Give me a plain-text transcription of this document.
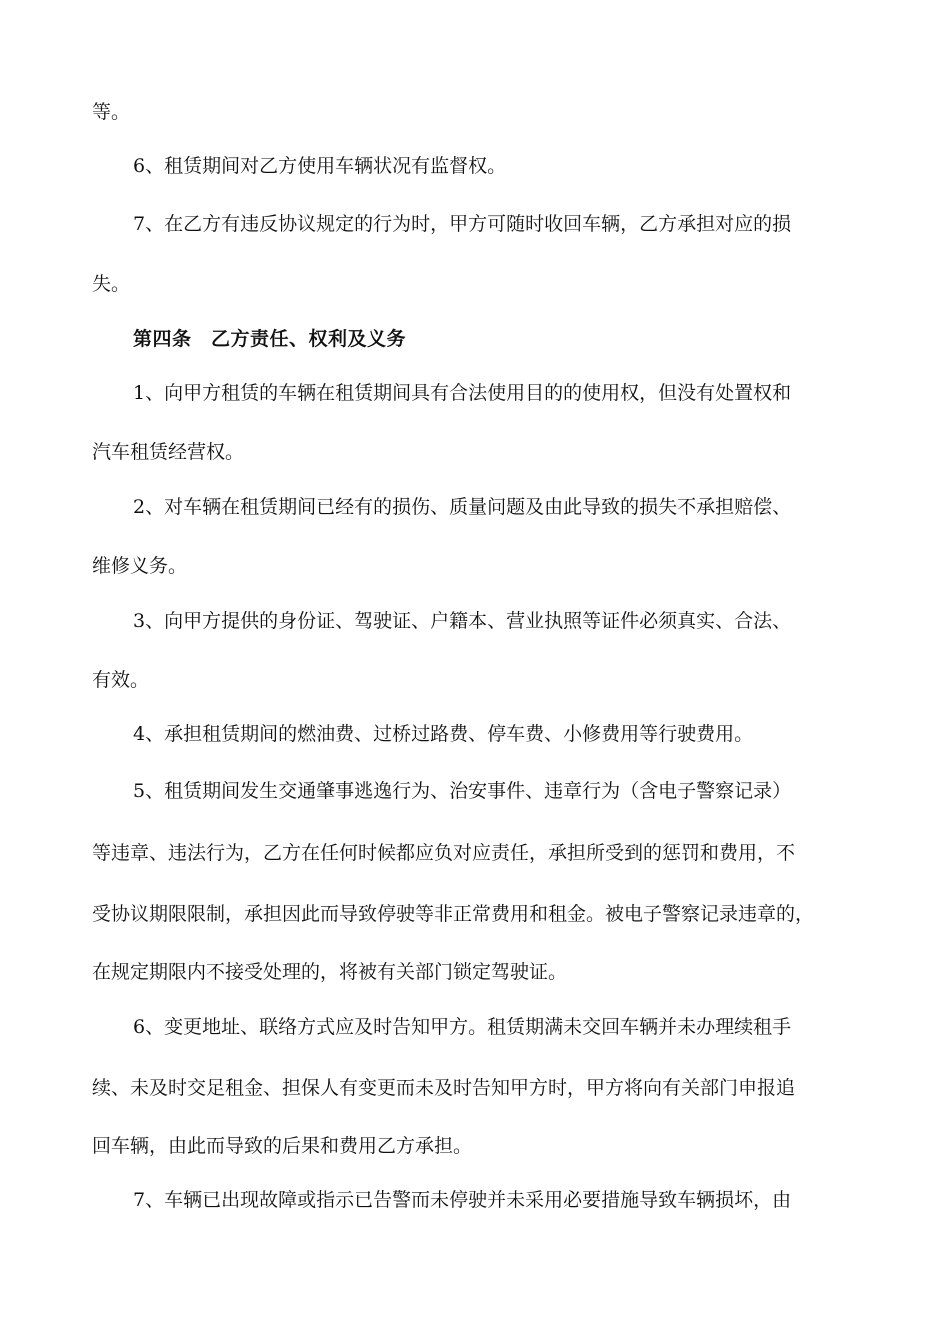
等。
6、租赁期间对乙方使用车辆状况有监督权。
7、在乙方有违反协议规定的行为时，甲方可随时收回车辆，乙方承担对应的损
失。
第四条　乙方责任、权利及义务
1、向甲方租赁的车辆在租赁期间具有合法使用目的的使用权，但没有处置权和
汽车租赁经营权。
2、对车辆在租赁期间已经有的损伤、质量问题及由此导致的损失不承担赔偿、
维修义务。
3、向甲方提供的身份证、驾驶证、户籍本、营业执照等证件必须真实、合法、
有效。
4、承担租赁期间的燃油费、过桥过路费、停车费、小修费用等行驶费用。
5、租赁期间发生交通肇事逃逸行为、治安事件、违章行为（含电子警察记录）
等违章、违法行为，乙方在任何时候都应负对应责任，承担所受到的惩罚和费用，不
受协议期限限制，承担因此而导致停驶等非正常费用和租金。被电子警察记录违章的，
在规定期限内不接受处理的，将被有关部门锁定驾驶证。
6、变更地址、联络方式应及时告知甲方。租赁期满未交回车辆并未办理续租手
续、未及时交足租金、担保人有变更而未及时告知甲方时，甲方将向有关部门申报追
回车辆，由此而导致的后果和费用乙方承担。
7、车辆已出现故障或指示已告警而未停驶并未采用必要措施导致车辆损坏，由
